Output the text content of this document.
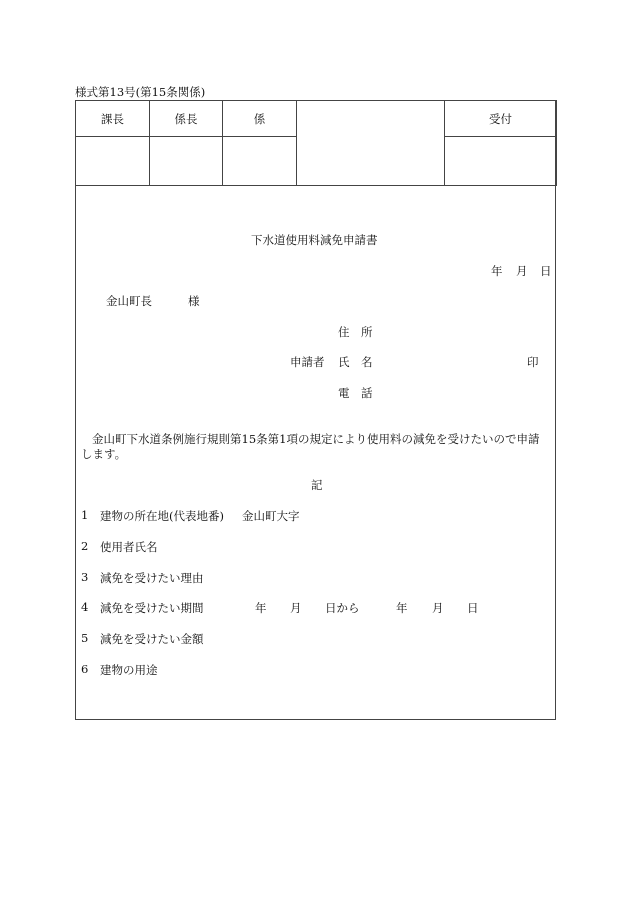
様式第13号(第15条関係)
課長	係長	係		受付

下水道使用料減免申請書
年 月 日
金山町長	様
住　所
申請者 氏　名	印
電　話
金山町下水道条例施行規則第15条第1項の規定により使用料の減免を受けたいので申請
します。
記
1 建物の所在地(代表地番) 金山町大字
2 使用者氏名
3 減免を受けたい理由
4 減免を受けたい期間	年 月 日から	年 月 日
5 減免を受けたい金額
6 建物の用途
